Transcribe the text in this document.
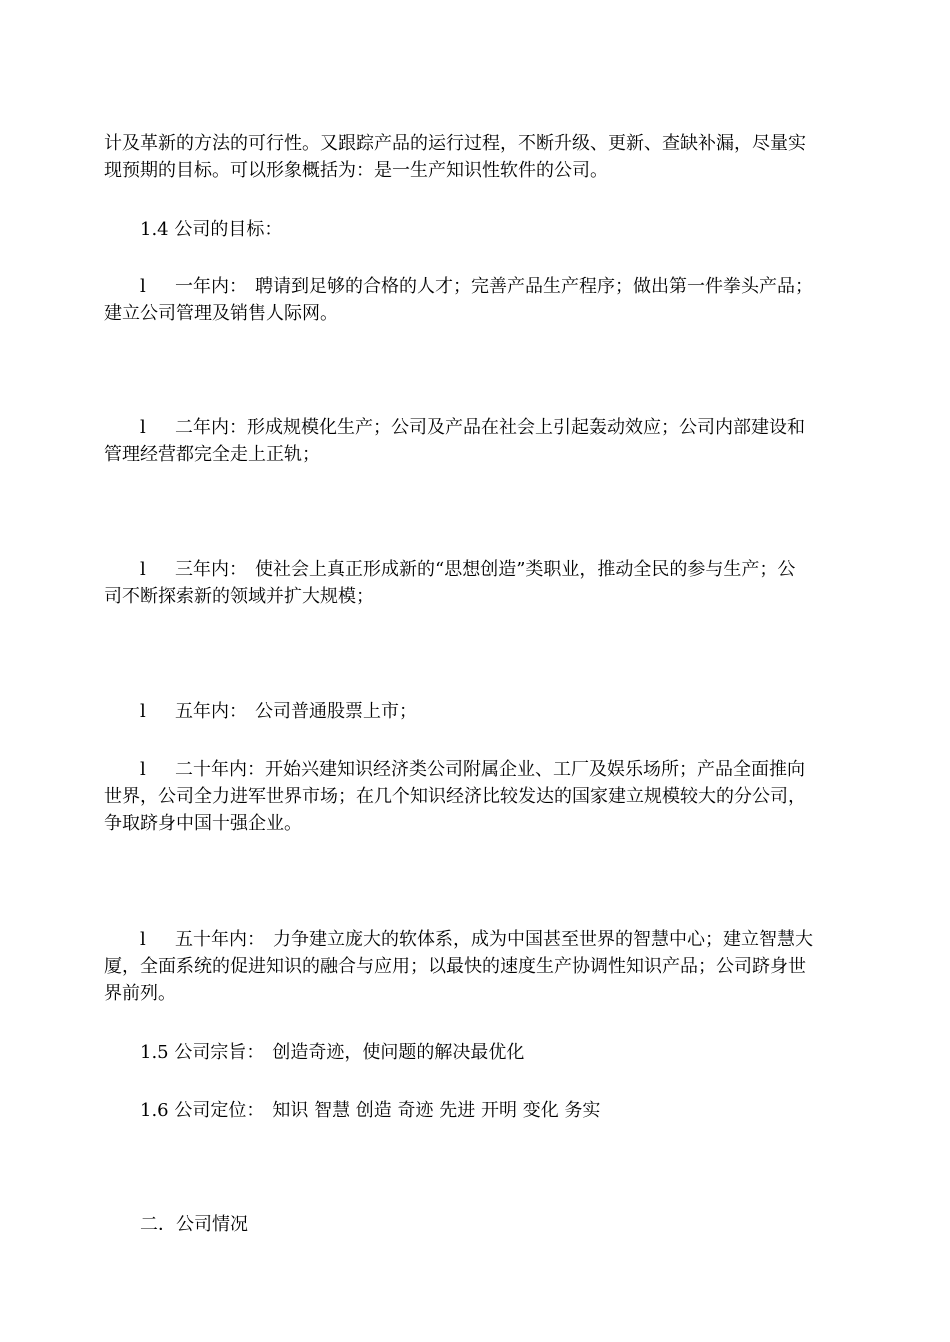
计及革新的方法的可行性。又跟踪产品的运行过程，不断升级、更新、查缺补漏，尽量实
现预期的目标。可以形象概括为：是一生产知识性软件的公司。
1.4 公司的目标：
l 一年内： 聘请到足够的合格的人才；完善产品生产程序；做出第一件拳头产品；
建立公司管理及销售人际网。
l 二年内：形成规模化生产；公司及产品在社会上引起轰动效应；公司内部建设和
管理经营都完全走上正轨；
l 三年内： 使社会上真正形成新的“思想创造”类职业，推动全民的参与生产；公
司不断探索新的领域并扩大规模；
l 五年内： 公司普通股票上市；
l 二十年内：开始兴建知识经济类公司附属企业、工厂及娱乐场所；产品全面推向
世界，公司全力进军世界市场；在几个知识经济比较发达的国家建立规模较大的分公司，
争取跻身中国十强企业。
l 五十年内： 力争建立庞大的软体系，成为中国甚至世界的智慧中心；建立智慧大
厦，全面系统的促进知识的融合与应用；以最快的速度生产协调性知识产品；公司跻身世
界前列。
1.5 公司宗旨： 创造奇迹，使问题的解决最优化
1.6 公司定位： 知识 智慧 创造 奇迹 先进 开明 变化 务实
二．公司情况
